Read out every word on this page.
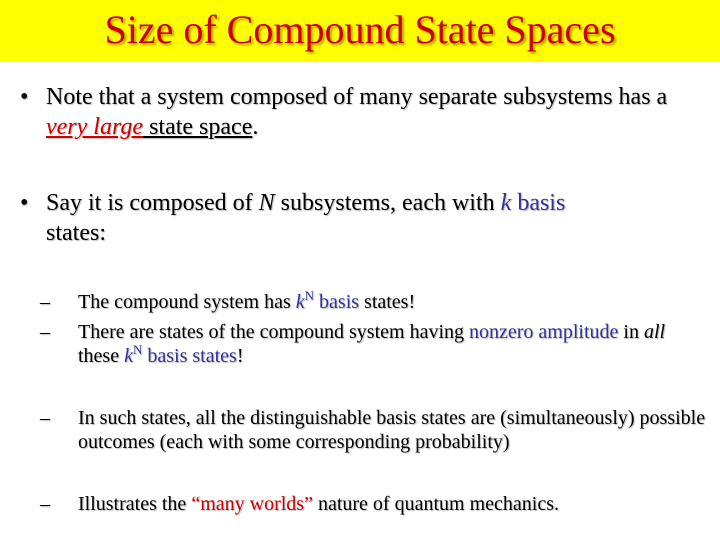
Size of Compound State Spaces
• Note that a system composed of many separate subsystems has a very large state space.
• Say it is composed of N subsystems, each with k basis
states:
– The compound system has $k^N$ basis states!
– There are states of the compound system having nonzero amplitude in all these $k^N$ basis states!
– In such states, all the distinguishable basis states are (simultaneously) possible outcomes (each with some corresponding probability)
– Illustrates the “many worlds” nature of quantum mechanics.
